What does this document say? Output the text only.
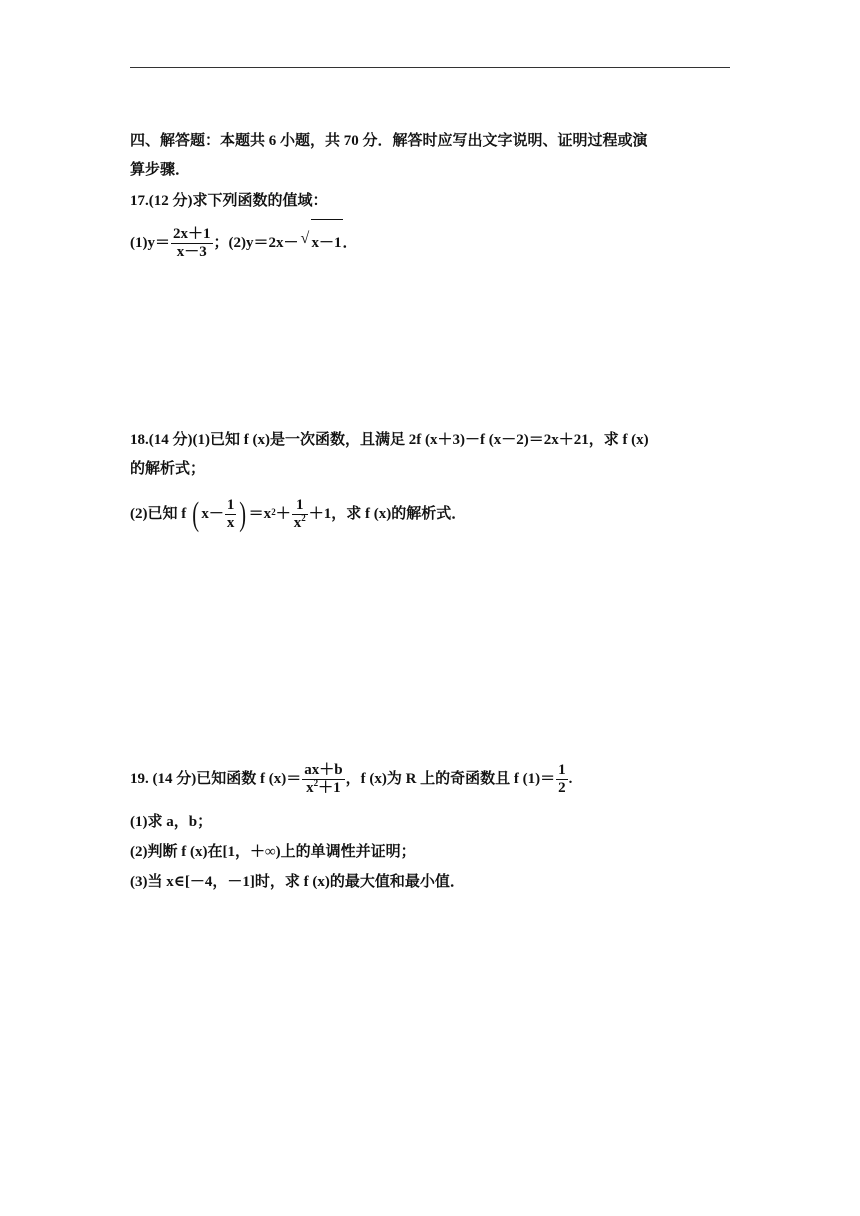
四、解答题：本题共 6 小题，共 70 分．解答时应写出文字说明、证明过程或演
算步骤．
17.(12 分)求下列函数的值域：
$(1)y= \frac{2x+1}{x-3}$ ；(2)y＝2x－ √ x－1．
18.(14 分)(1)已知 f (x)是一次函数，且满足 2f (x＋3)－f (x－2)＝2x＋21，求 f (x)
的解析式；
(2)已知 f ( $x- \frac{1}{x}$ ) $=x^2+ \frac{1}{x^2} +1$，求 f (x)的解析式．
19. (14 分)已知函数 f $(x)= \frac{ax+b}{x^2+1}$ ，f (x)为 R 上的奇函数且 f $(1)= \frac{1}{2}$ .
(1)求 a，b；
(2)判断 f (x)在[1，＋∞)上的单调性并证明；
(3)当 x∈[－4，－1]时，求 f (x)的最大值和最小值．
